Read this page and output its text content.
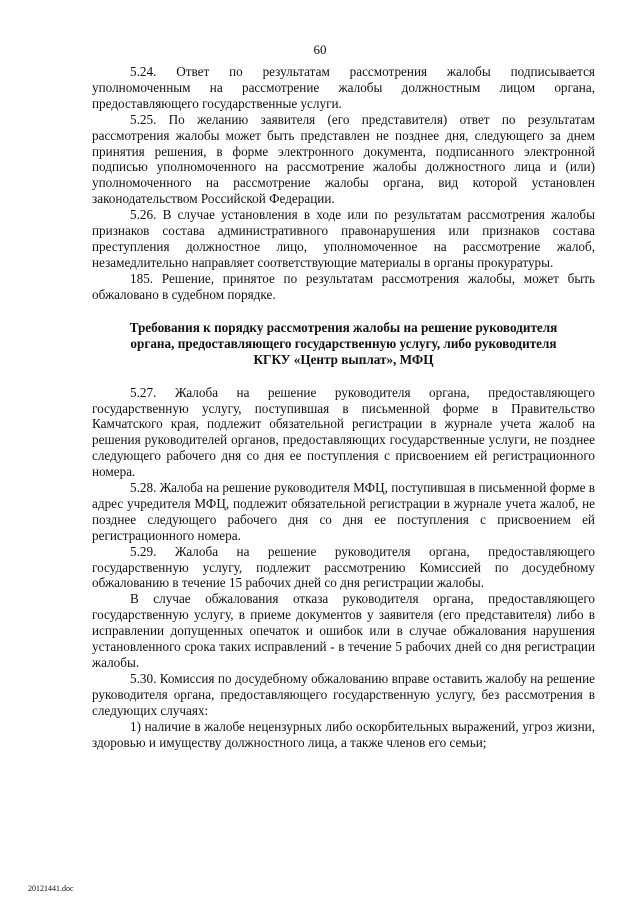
60

5.24. Ответ по результатам рассмотрения жалобы подписывается уполномоченным на рассмотрение жалобы должностным лицом органа, предоставляющего государственные услуги.

5.25. По желанию заявителя (его представителя) ответ по результатам рассмотрения жалобы может быть представлен не позднее дня, следующего за днем принятия решения, в форме электронного документа, подписанного электронной подписью уполномоченного на рассмотрение жалобы должностного лица и (или) уполномоченного на рассмотрение жалобы органа, вид которой установлен законодательством Российской Федерации.

5.26. В случае установления в ходе или по результатам рассмотрения жалобы признаков состава административного правонарушения или признаков состава преступления должностное лицо, уполномоченное на рассмотрение жалоб, незамедлительно направляет соответствующие материалы в органы прокуратуры.

185. Решение, принятое по результатам рассмотрения жалобы, может быть обжаловано в судебном порядке.

Требования к порядку рассмотрения жалобы на решение руководителя органа, предоставляющего государственную услугу, либо руководителя КГКУ «Центр выплат», МФЦ

5.27. Жалоба на решение руководителя органа, предоставляющего государственную услугу, поступившая в письменной форме в Правительство Камчатского края, подлежит обязательной регистрации в журнале учета жалоб на решения руководителей органов, предоставляющих государственные услуги, не позднее следующего рабочего дня со дня ее поступления с присвоением ей регистрационного номера.

5.28. Жалоба на решение руководителя МФЦ, поступившая в письменной форме в адрес учредителя МФЦ, подлежит обязательной регистрации в журнале учета жалоб, не позднее следующего рабочего дня со дня ее поступления с присвоением ей регистрационного номера.

5.29. Жалоба на решение руководителя органа, предоставляющего государственную услугу, подлежит рассмотрению Комиссией по досудебному обжалованию в течение 15 рабочих дней со дня регистрации жалобы.

В случае обжалования отказа руководителя органа, предоставляющего государственную услугу, в приеме документов у заявителя (его представителя) либо в исправлении допущенных опечаток и ошибок или в случае обжалования нарушения установленного срока таких исправлений - в течение 5 рабочих дней со дня регистрации жалобы.

5.30. Комиссия по досудебному обжалованию вправе оставить жалобу на решение руководителя органа, предоставляющего государственную услугу, без рассмотрения в следующих случаях:

1) наличие в жалобе нецензурных либо оскорбительных выражений, угроз жизни, здоровью и имуществу должностного лица, а также членов его семьи;

20121441.doc
